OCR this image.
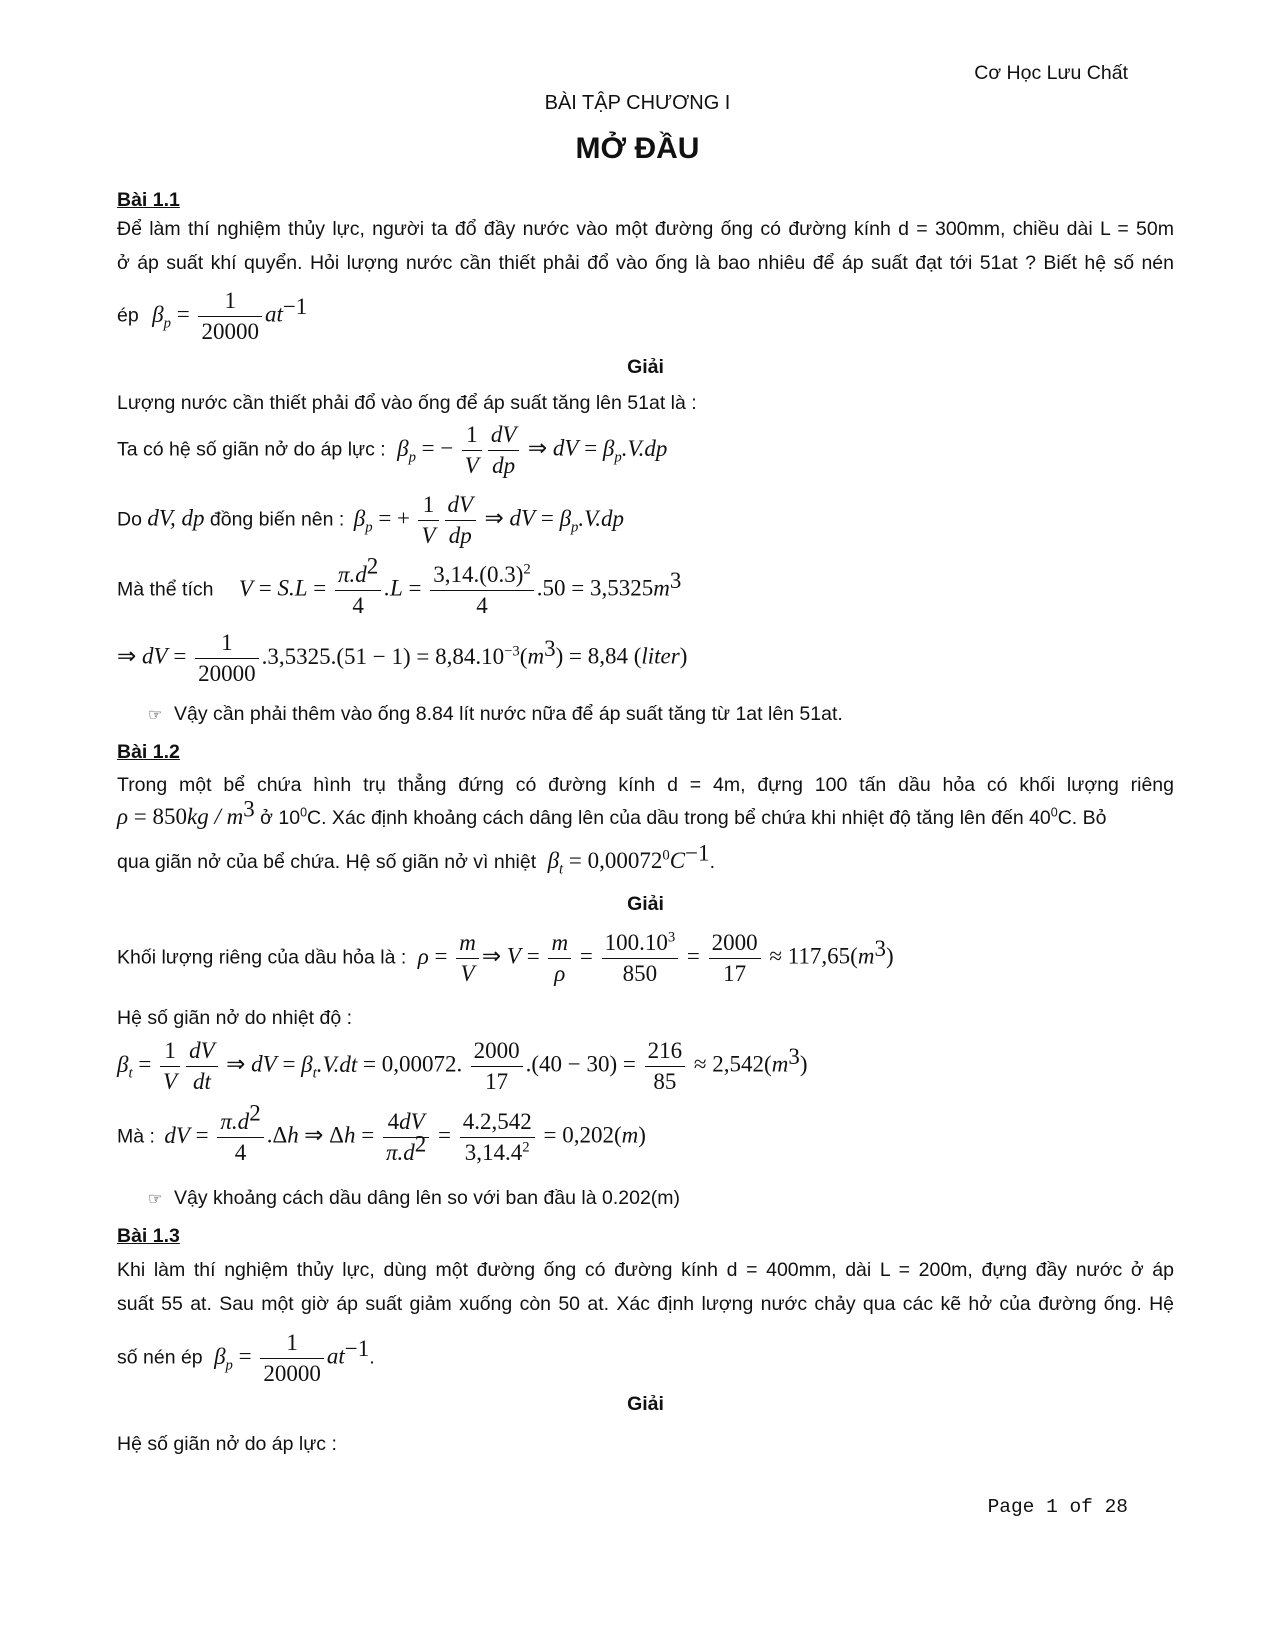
Cơ Học Lưu Chất
BÀI TẬP CHƯƠNG I
MỞ ĐẦU
Bài 1.1
Để làm thí nghiệm thủy lực, người ta đổ đầy nước vào một đường ống có đường kính d = 300mm, chiều dài L = 50m
ở áp suất khí quyển. Hỏi lượng nước cần thiết phải đổ vào ống là bao nhiêu để áp suất đạt tới 51at ? Biết hệ số nén
ép $\beta_p = \frac{1}{20000} at^{-1}$
Giải
Lượng nước cần thiết phải đổ vào ống để áp suất tăng lên 51at là :
Ta có hệ số giãn nở do áp lực : $\beta_p$ = − $\frac{1}{V} \frac{dV}{dp}$ ⇒ dV = $\beta_p.V.dp$
Do dV, dp đồng biến nên : $\beta_p$ = + $\frac{1}{V} \frac{dV}{dp}$ ⇒ dV = $\beta_p.V.dp$
Mà thể tích $V = S.L = \frac{\pi.d^2}{4} .L = \frac{3,14.(0.3)^2}{4} .50 = 3,5325m^3$
⇒ dV = $\frac{1}{20000} .3,5325.(51 - 1) = 8,84.10^{-3}(m^3) = 8,84$ (liter)
☞ Vậy cần phải thêm vào ống 8.84 lít nước nữa để áp suất tăng từ 1at lên 51at.
Bài 1.2
Trong một bể chứa hình trụ thẳng đứng có đường kính d = 4m, đựng 100 tấn dầu hỏa có khối lượng riêng
$\rho = 850kg / m^3$ ở $10^0C$. Xác định khoảng cách dâng lên của dầu trong bể chứa khi nhiệt độ tăng lên đến $40^0C$. Bỏ
qua giãn nở của bể chứa. Hệ số giãn nở vì nhiệt $\beta_t = 0,00072^0C^{-1}$.
Giải
Khối lượng riêng của dầu hỏa là : $\rho = \frac{m}{V}$ ⇒ $V = \frac{m}{\rho} = \frac{100.10^3}{850} = \frac{2000}{17} \approx 117,65(m^3)$
Hệ số giãn nở do nhiệt độ :
$\beta_t = \frac{1}{V} \frac{dV}{dt}$ ⇒ dV = $\beta_t.V.dt = 0,00072$. $\frac{2000}{17} .(40 - 30) = \frac{216}{85} \approx 2,542(m^3)$
Mà : dV = $\frac{\pi.d^2}{4} .\Delta h$ ⇒ $\Delta h = \frac{4dV}{\pi.d^2} = \frac{4.2,542}{3,14.4^2} = 0,202(m)$
☞ Vậy khoảng cách dầu dâng lên so với ban đầu là 0.202(m)
Bài 1.3
Khi làm thí nghiệm thủy lực, dùng một đường ống có đường kính d = 400mm, dài L = 200m, đựng đầy nước ở áp
suất 55 at. Sau một giờ áp suất giảm xuống còn 50 at. Xác định lượng nước chảy qua các kẽ hở của đường ống. Hệ
số nén ép $\beta_p = \frac{1}{20000} at^{-1}$.
Giải
Hệ số giãn nở do áp lực :
Page 1 of 28
